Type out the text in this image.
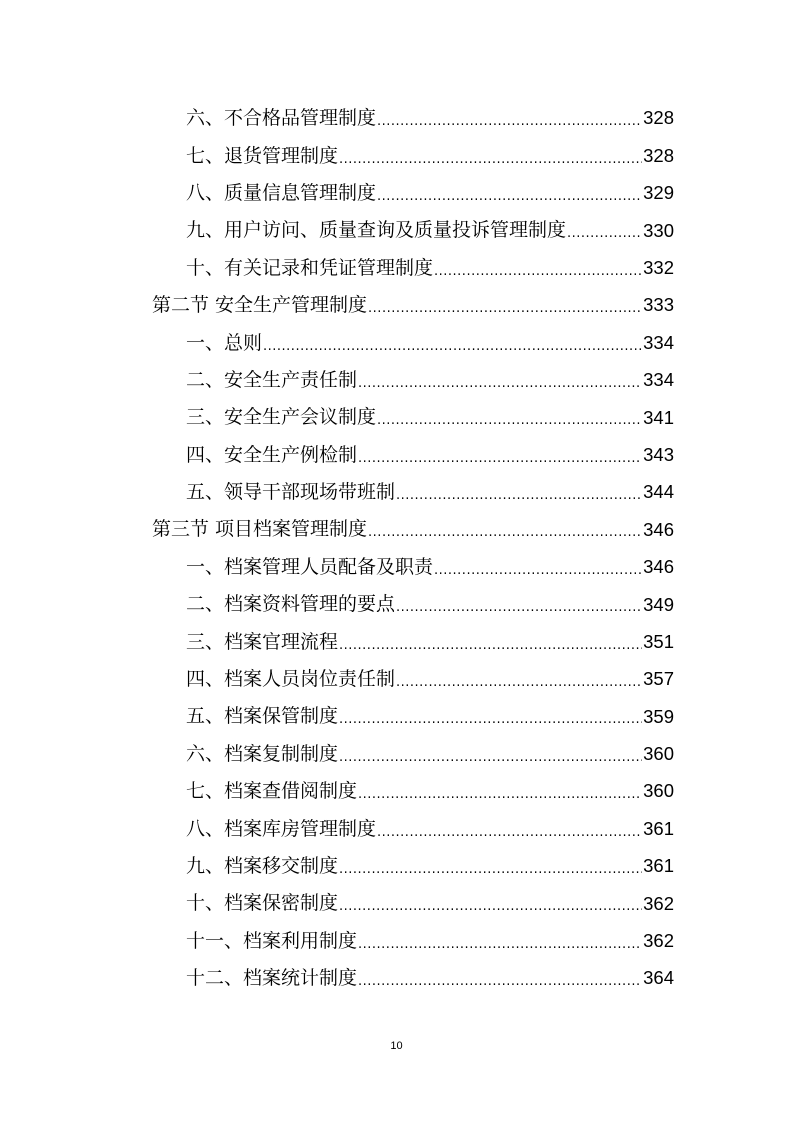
六、不合格品管理制度 .....	328
七、退货管理制度 .....	328
八、质量信息管理制度 .....	329
九、用户访问、质量查询及质量投诉管理制度 .....	330
十、有关记录和凭证管理制度 .....	332
第二节 安全生产管理制度 .....	333
一、总则 .....	334
二、安全生产责任制 .....	334
三、安全生产会议制度 .....	341
四、安全生产例检制 .....	343
五、领导干部现场带班制 .....	344
第三节 项目档案管理制度 .....	346
一、档案管理人员配备及职责 .....	346
二、档案资料管理的要点 .....	349
三、档案官理流程 .....	351
四、档案人员岗位责任制 .....	357
五、档案保管制度 .....	359
六、档案复制制度 .....	360
七、档案查借阅制度 .....	360
八、档案库房管理制度 .....	361
九、档案移交制度 .....	361
十、档案保密制度 .....	362
十一、档案利用制度 .....	362
十二、档案统计制度 .....	364
10
